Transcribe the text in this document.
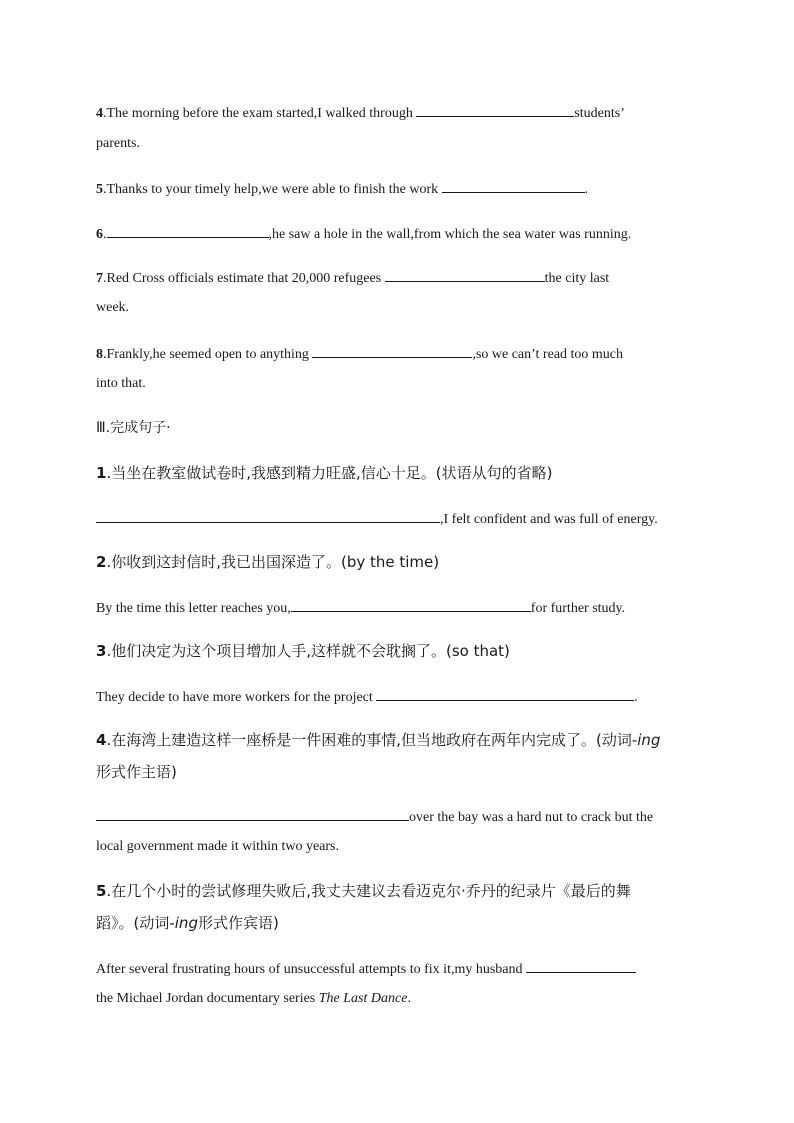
4.The morning before the exam started,I walked through	students’
parents.
5.Thanks to your timely help,we were able to finish the work	.
6.	,he saw a hole in the wall,from which the sea water was running.
7.Red Cross officials estimate that 20,000 refugees	the city last
week.
8.Frankly,he seemed open to anything	,so we can’t read too much
into that.
Ⅲ.完成句子·
1.当坐在教室做试卷时,我感到精力旺盛,信心十足。(状语从句的省略)
,I felt confident and was full of energy.
2.你收到这封信时,我已出国深造了。(by the time)
By the time this letter reaches you,	for further study.
3.他们决定为这个项目增加人手,这样就不会耽搁了。(so that)
They decide to have more workers for the project	.
4.在海湾上建造这样一座桥是一件困难的事情,但当地政府在两年内完成了。(动词-ing
形式作主语)
over the bay was a hard nut to crack but the
local government made it within two years.
5.在几个小时的尝试修理失败后,我丈夫建议去看迈克尔·乔丹的纪录片《最后的舞
蹈》。(动词-ing形式作宾语)
After several frustrating hours of unsuccessful attempts to fix it,my husband
the Michael Jordan documentary series The Last Dance.
